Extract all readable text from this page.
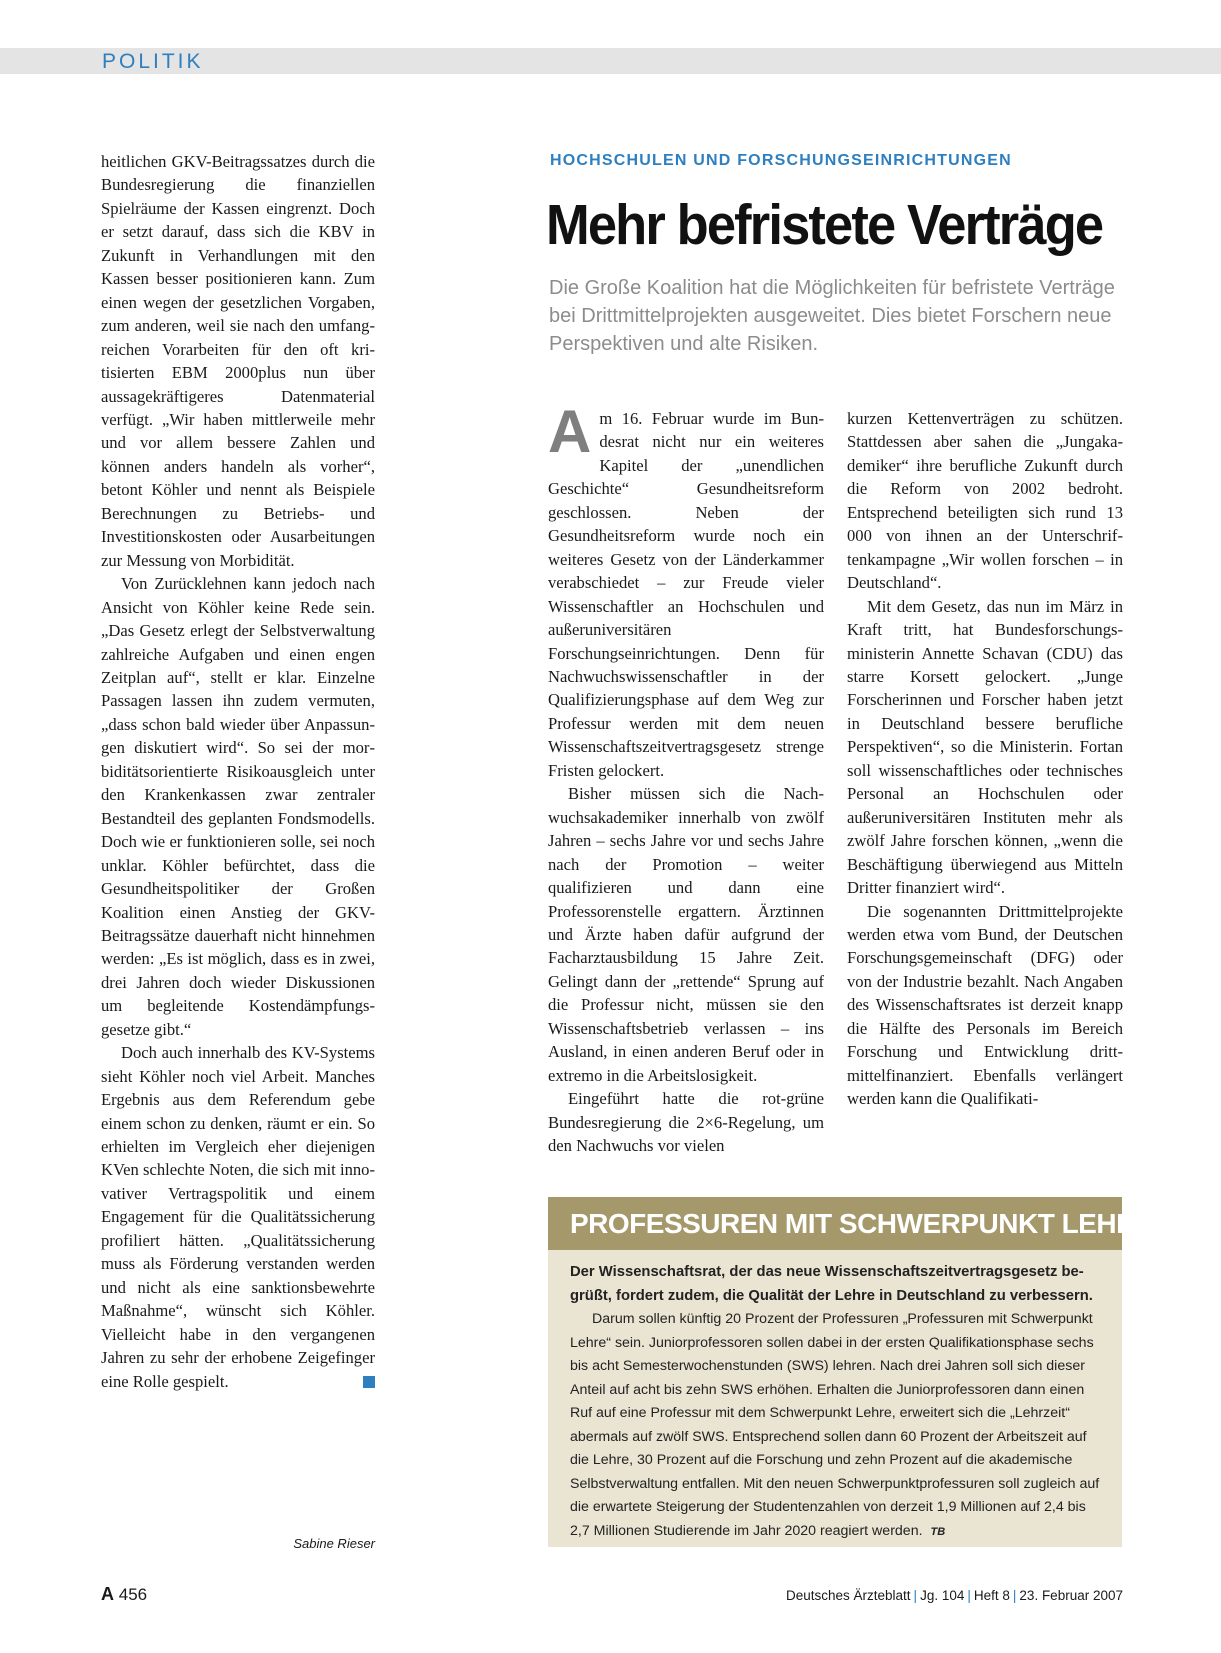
POLITIK

heitlichen GKV-Beitragssatzes durch die Bundesregierung die finanziellen Spielräume der Kassen eingrenzt. Doch er setzt darauf, dass sich die KBV in Zukunft in Verhandlungen mit den Kassen besser positionieren kann. Zum einen wegen der gesetzlichen Vorgaben, zum anderen, weil sie nach den umfangreichen Vorarbeiten für den oft kritisierten EBM 2000plus nun über aussagekräftigeres Datenmaterial verfügt. „Wir haben mittlerweile mehr und vor allem bessere Zahlen und können anders handeln als vorher“, betont Köhler und nennt als Beispiele Berechnungen zu Betriebs- und Investitionskosten oder Ausarbeitungen zur Messung von Morbidität.

Von Zurücklehnen kann jedoch nach Ansicht von Köhler keine Rede sein. „Das Gesetz erlegt der Selbstverwaltung zahlreiche Aufgaben und einen engen Zeitplan auf“, stellt er klar. Einzelne Passagen lassen ihn zudem vermuten, „dass schon bald wieder über Anpassungen diskutiert wird“. So sei der morbiditätsorientierte Risikoausgleich unter den Krankenkassen zwar zentraler Bestandteil des geplanten Fondsmodells. Doch wie er funktionieren solle, sei noch unklar. Köhler befürchtet, dass die Gesundheitspolitiker der Großen Koalition einen Anstieg der GKV-Beitragssätze dauerhaft nicht hinnehmen werden: „Es ist möglich, dass es in zwei, drei Jahren doch wieder Diskussionen um begleitende Kostendämpfungsgesetze gibt.“

Doch auch innerhalb des KV-Systems sieht Köhler noch viel Arbeit. Manches Ergebnis aus dem Referendum gebe einem schon zu denken, räumt er ein. So erhielten im Vergleich eher diejenigen KVen schlechte Noten, die sich mit innovativer Vertragspolitik und einem Engagement für die Qualitätssicherung profiliert hätten. „Qualitätssicherung muss als Förderung verstanden werden und nicht als eine sanktionsbewehrte Maßnahme“, wünscht sich Köhler. Vielleicht habe in den vergangenen Jahren zu sehr der erhobene Zeigefinger eine Rolle gespielt.

Sabine Rieser
HOCHSCHULEN UND FORSCHUNGSEINRICHTUNGEN
Mehr befristete Verträge

Die Große Koalition hat die Möglichkeiten für befristete Verträge bei Drittmittelprojekten ausgeweitet. Dies bietet Forschern neue Perspektiven und alte Risiken.

Am 16. Februar wurde im Bundesrat nicht nur ein weiteres Kapitel der „unendlichen Geschichte“ Gesundheitsreform geschlossen. Neben der Gesundheitsreform wurde noch ein weiteres Gesetz von der Länderkammer verabschiedet – zur Freude vieler Wissenschaftler an Hochschulen und außeruniversitären Forschungseinrichtungen. Denn für Nachwuchswissenschaftler in der Qualifizierungsphase auf dem Weg zur Professur werden mit dem neuen Wissenschaftszeitvertragsgesetz strenge Fristen gelockert.

Bisher müssen sich die Nachwuchsakademiker innerhalb von zwölf Jahren – sechs Jahre vor und sechs Jahre nach der Promotion – weiter qualifizieren und dann eine Professorenstelle ergattern. Ärztinnen und Ärzte haben dafür aufgrund der Facharztausbildung 15 Jahre Zeit. Gelingt dann der „rettende“ Sprung auf die Professur nicht, müssen sie den Wissenschaftsbetrieb verlassen – ins Ausland, in einen anderen Beruf oder in extremo in die Arbeitslosigkeit.

Eingeführt hatte die rot-grüne Bundesregierung die 2×6-Regelung, um den Nachwuchs vor vielen

kurzen Kettenverträgen zu schützen. Stattdessen aber sahen die „Jungakademiker“ ihre berufliche Zukunft durch die Reform von 2002 bedroht. Entsprechend beteiligten sich rund 13 000 von ihnen an der Unterschriftenkampagne „Wir wollen forschen – in Deutschland“.

Mit dem Gesetz, das nun im März in Kraft tritt, hat Bundesforschungsministerin Annette Schavan (CDU) das starre Korsett gelockert. „Junge Forscherinnen und Forscher haben jetzt in Deutschland bessere berufliche Perspektiven“, so die Ministerin. Fortan soll wissenschaftliches oder technisches Personal an Hochschulen oder außeruniversitären Instituten mehr als zwölf Jahre forschen können, „wenn die Beschäftigung überwiegend aus Mitteln Dritter finanziert wird“.

Die sogenannten Drittmittelprojekte werden etwa vom Bund, der Deutschen Forschungsgemeinschaft (DFG) oder von der Industrie bezahlt. Nach Angaben des Wissenschaftsrates ist derzeit knapp die Hälfte des Personals im Bereich Forschung und Entwicklung drittmittelfinanziert. Ebenfalls verlängert werden kann die Qualifikati-

PROFESSUREN MIT SCHWERPUNKT LEHRE

Der Wissenschaftsrat, der das neue Wissenschaftszeitvertragsgesetz begrüßt, fordert zudem, die Qualität der Lehre in Deutschland zu verbessern.

Darum sollen künftig 20 Prozent der Professuren „Professuren mit Schwerpunkt Lehre“ sein. Juniorprofessoren sollen dabei in der ersten Qualifikationsphase sechs bis acht Semesterwochenstunden (SWS) lehren. Nach drei Jahren soll sich dieser Anteil auf acht bis zehn SWS erhöhen. Erhalten die Juniorprofessoren dann einen Ruf auf eine Professur mit dem Schwerpunkt Lehre, erweitert sich die „Lehrzeit“ abermals auf zwölf SWS. Entsprechend sollen dann 60 Prozent der Arbeitszeit auf die Lehre, 30 Prozent auf die Forschung und zehn Prozent auf die akademische Selbstverwaltung entfallen. Mit den neuen Schwerpunktprofessuren soll zugleich auf die erwartete Steigerung der Studentenzahlen von derzeit 1,9 Millionen auf 2,4 bis 2,7 Millionen Studierende im Jahr 2020 reagiert werden. TB

A 456	Deutsches Ärzteblatt | Jg. 104 | Heft 8 | 23. Februar 2007
